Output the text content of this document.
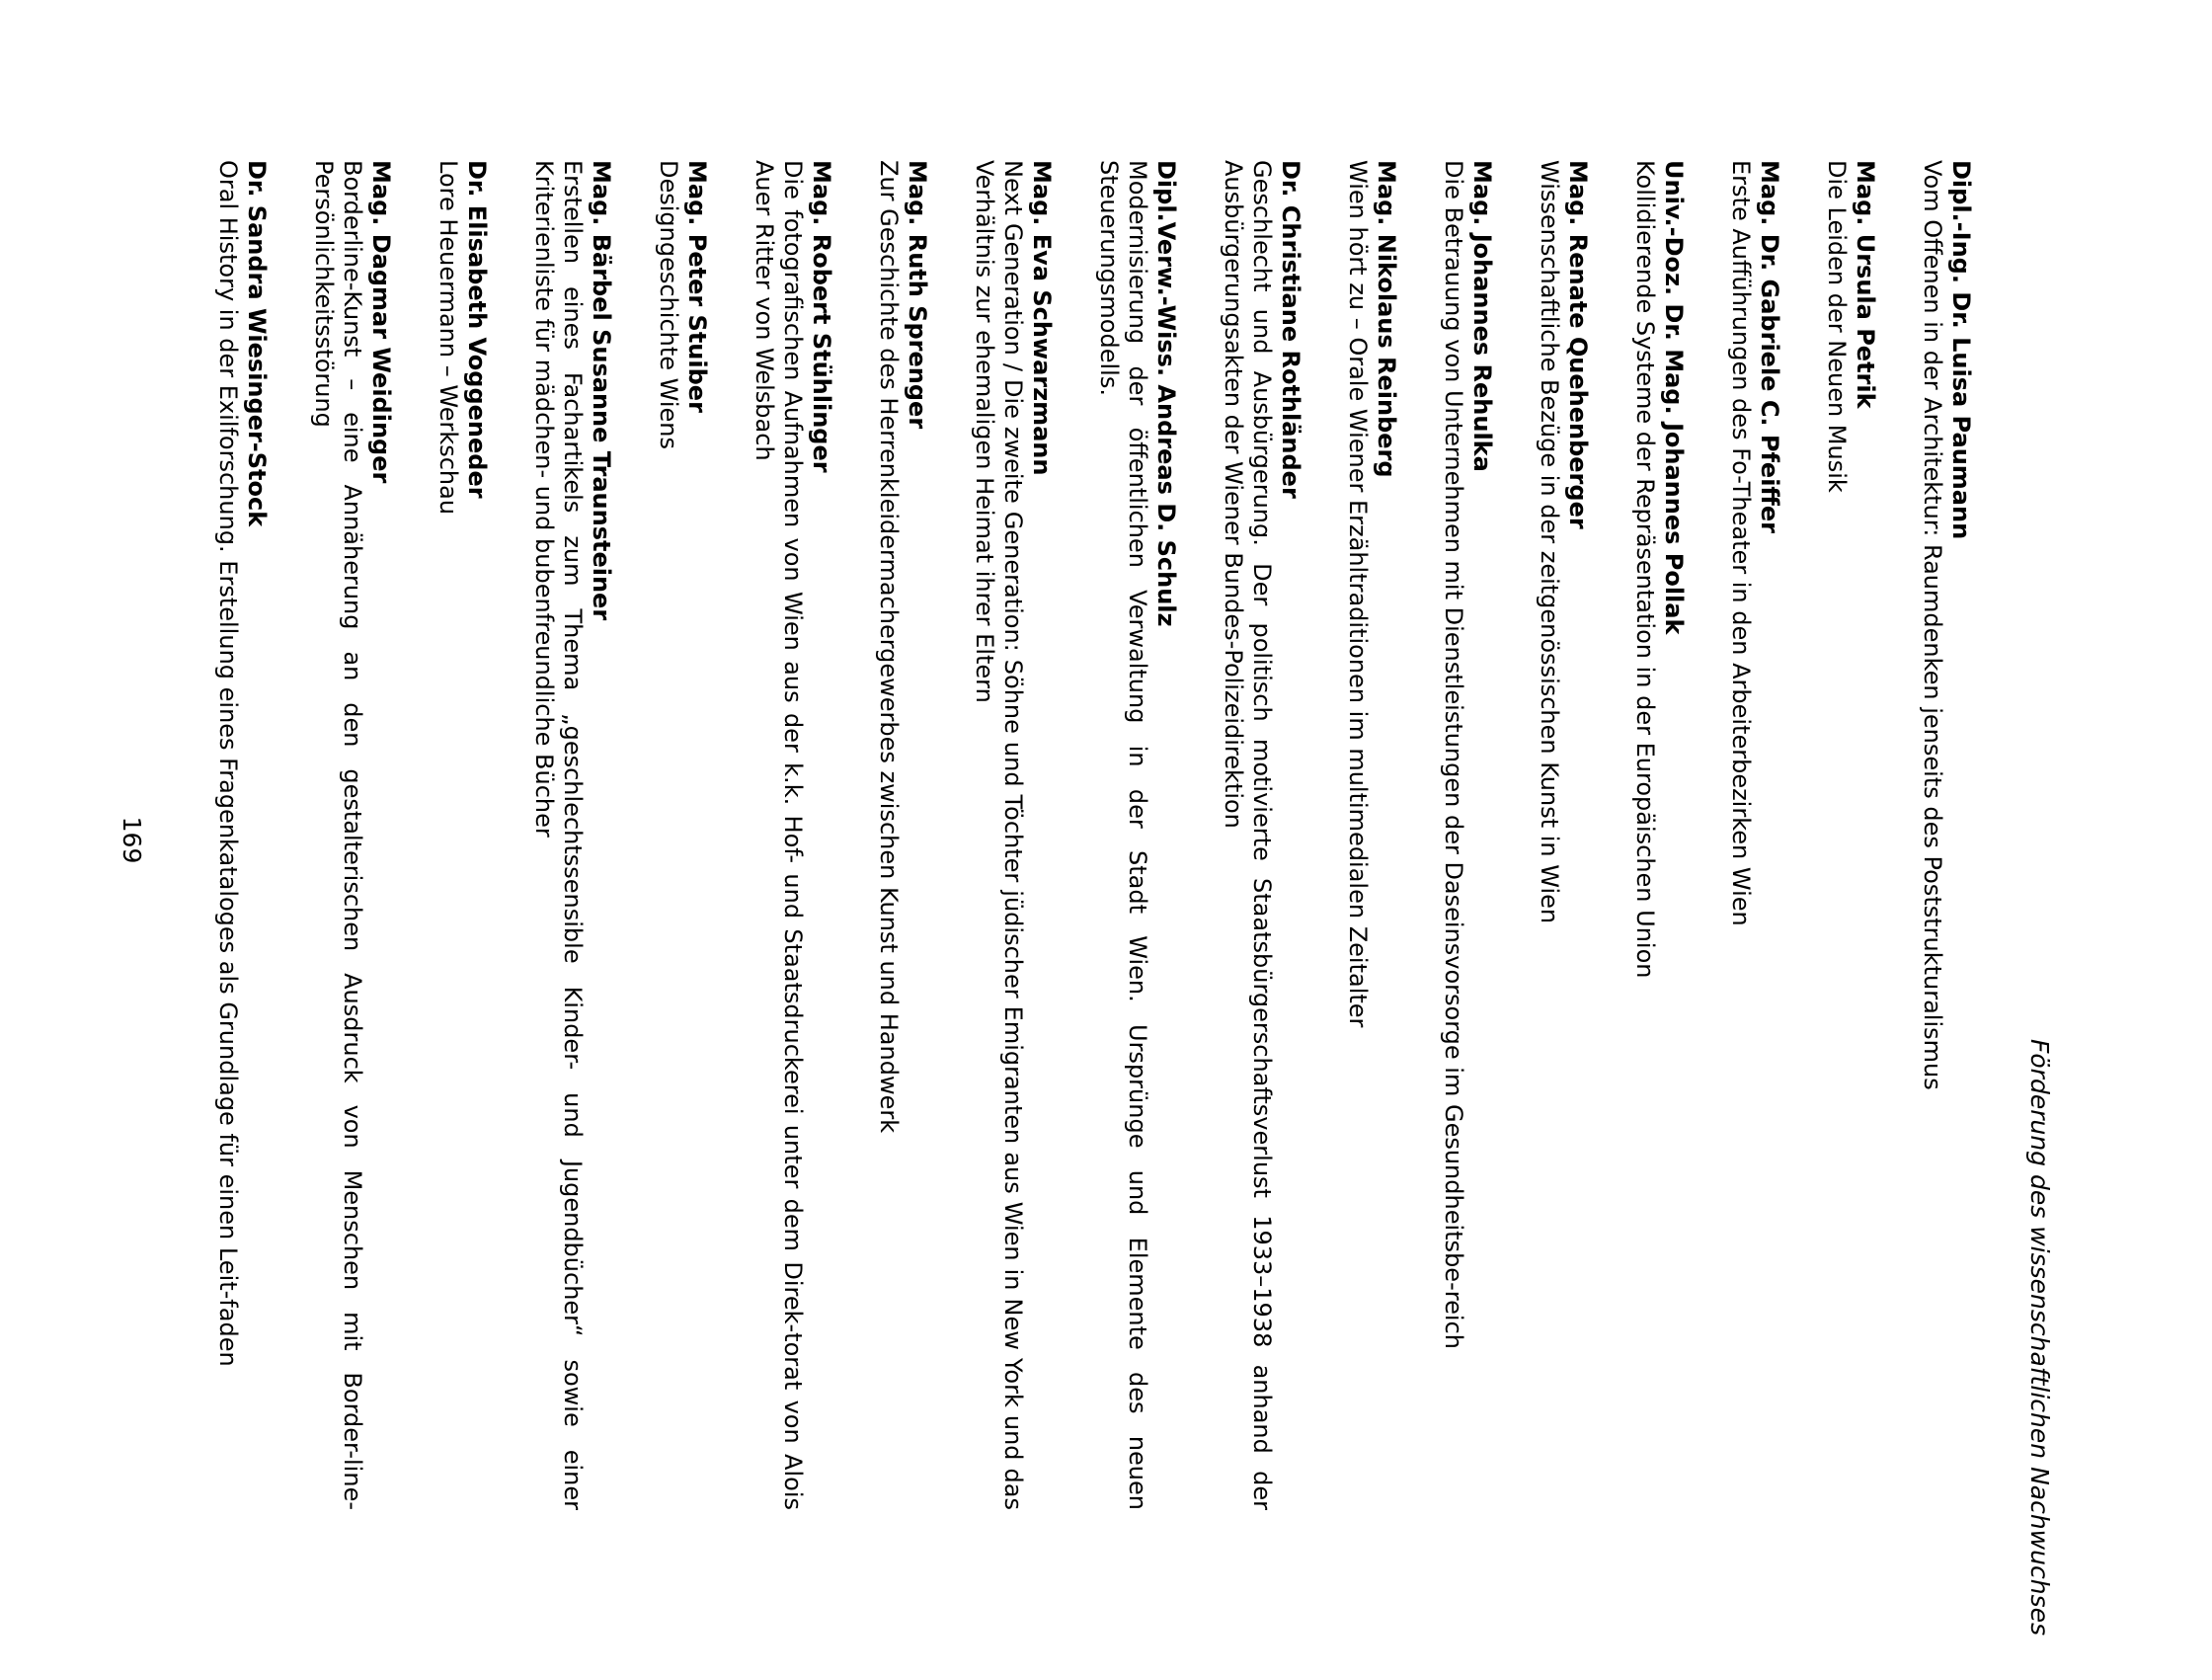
Förderung des wissenschaftlichen Nachwuchses
Dipl.-Ing. Dr. Luisa Paumann
Vom Offenen in der Architektur: Raumdenken jenseits des Poststrukturalismus
Mag. Ursula Petrik
Die Leiden der Neuen Musik
Mag. Dr. Gabriele C. Pfeiffer
Erste Aufführungen des Fo-Theater in den Arbeiterbezirken Wien
Univ.-Doz. Dr. Mag. Johannes Pollak
Kollidierende Systeme der Repräsentation in der Europäischen Union
Mag. Renate Quehenberger
Wissenschaftliche Bezüge in der zeitgenössischen Kunst in Wien
Mag. Johannes Rehulka
Die Betrauung von Unternehmen mit Dienstleistungen der Daseinsvorsorge im Gesundheitsbe-reich
Mag. Nikolaus Reinberg
Wien hört zu – Orale Wiener Erzähltraditionen im multimedialen Zeitalter
Dr. Christiane Rothländer
Geschlecht und Ausbürgerung. Der politisch motivierte Staatsbürgerschaftsverlust 1933–1938 anhand der Ausbürgerungsakten der Wiener Bundes-Polizeidirektion
Dipl.Verw.-Wiss. Andreas D. Schulz
Modernisierung der öffentlichen Verwaltung in der Stadt Wien. Ursprünge und Elemente des neuen Steuerungsmodells.
Mag. Eva Schwarzmann
Next Generation / Die zweite Generation: Söhne und Töchter jüdischer Emigranten aus Wien in New York und das Verhältnis zur ehemaligen Heimat ihrer Eltern
Mag. Ruth Sprenger
Zur Geschichte des Herrenkleidermachergewerbes zwischen Kunst und Handwerk
Mag. Robert Stühlinger
Die fotografischen Aufnahmen von Wien aus der k.k. Hof- und Staatsdruckerei unter dem Direk-torat von Alois Auer Ritter von Welsbach
Mag. Peter Stuiber
Designgeschichte Wiens
Mag. Bärbel Susanne Traunsteiner
Erstellen eines Fachartikels zum Thema „geschlechtssensible Kinder- und Jugendbücher“ sowie einer Kriterienliste für mädchen- und bubenfreundliche Bücher
Dr. Elisabeth Voggeneder
Lore Heuermann – Werkschau
Mag. Dagmar Weidinger
Borderline-Kunst – eine Annäherung an den gestalterischen Ausdruck von Menschen mit Border-line-Persönlichkeitsstörung
Dr. Sandra Wiesinger-Stock
Oral History in der Exilforschung. Erstellung eines Fragenkataloges als Grundlage für einen Leit-faden
169
